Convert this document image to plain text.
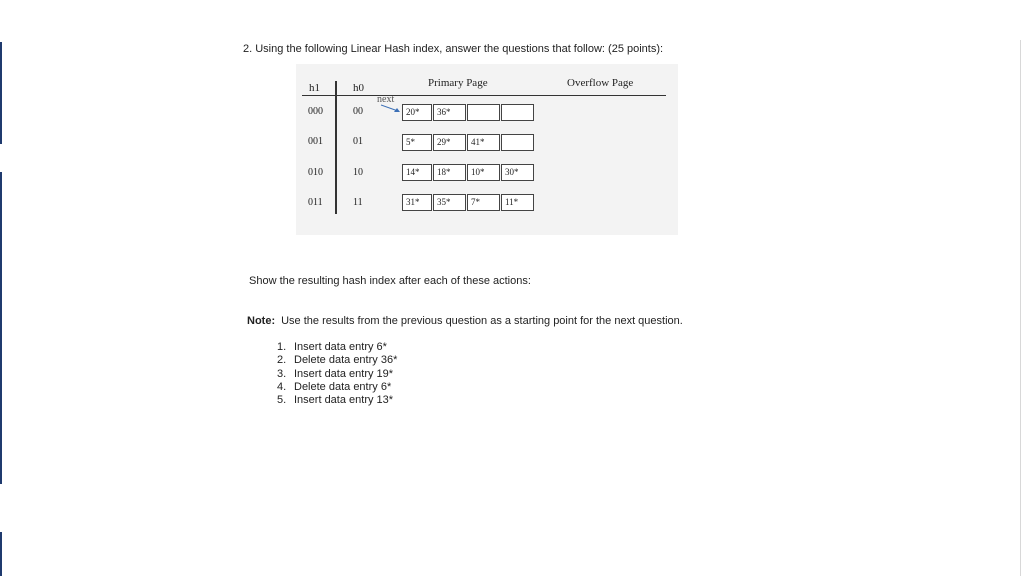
2. Using the following Linear Hash index, answer the questions that follow: (25 points):
h1	h0	Primary Page	Overflow Page
next
000	00	20*	36*
001	01	5*	29*	41*
010	10	14*	18*	10*	30*
011	11	31*	35*	7*	11*
Show the resulting hash index after each of these actions:
Note: Use the results from the previous question as a starting point for the next question.
1. Insert data entry 6*
2. Delete data entry 36*
3. Insert data entry 19*
4. Delete data entry 6*
5. Insert data entry 13*
